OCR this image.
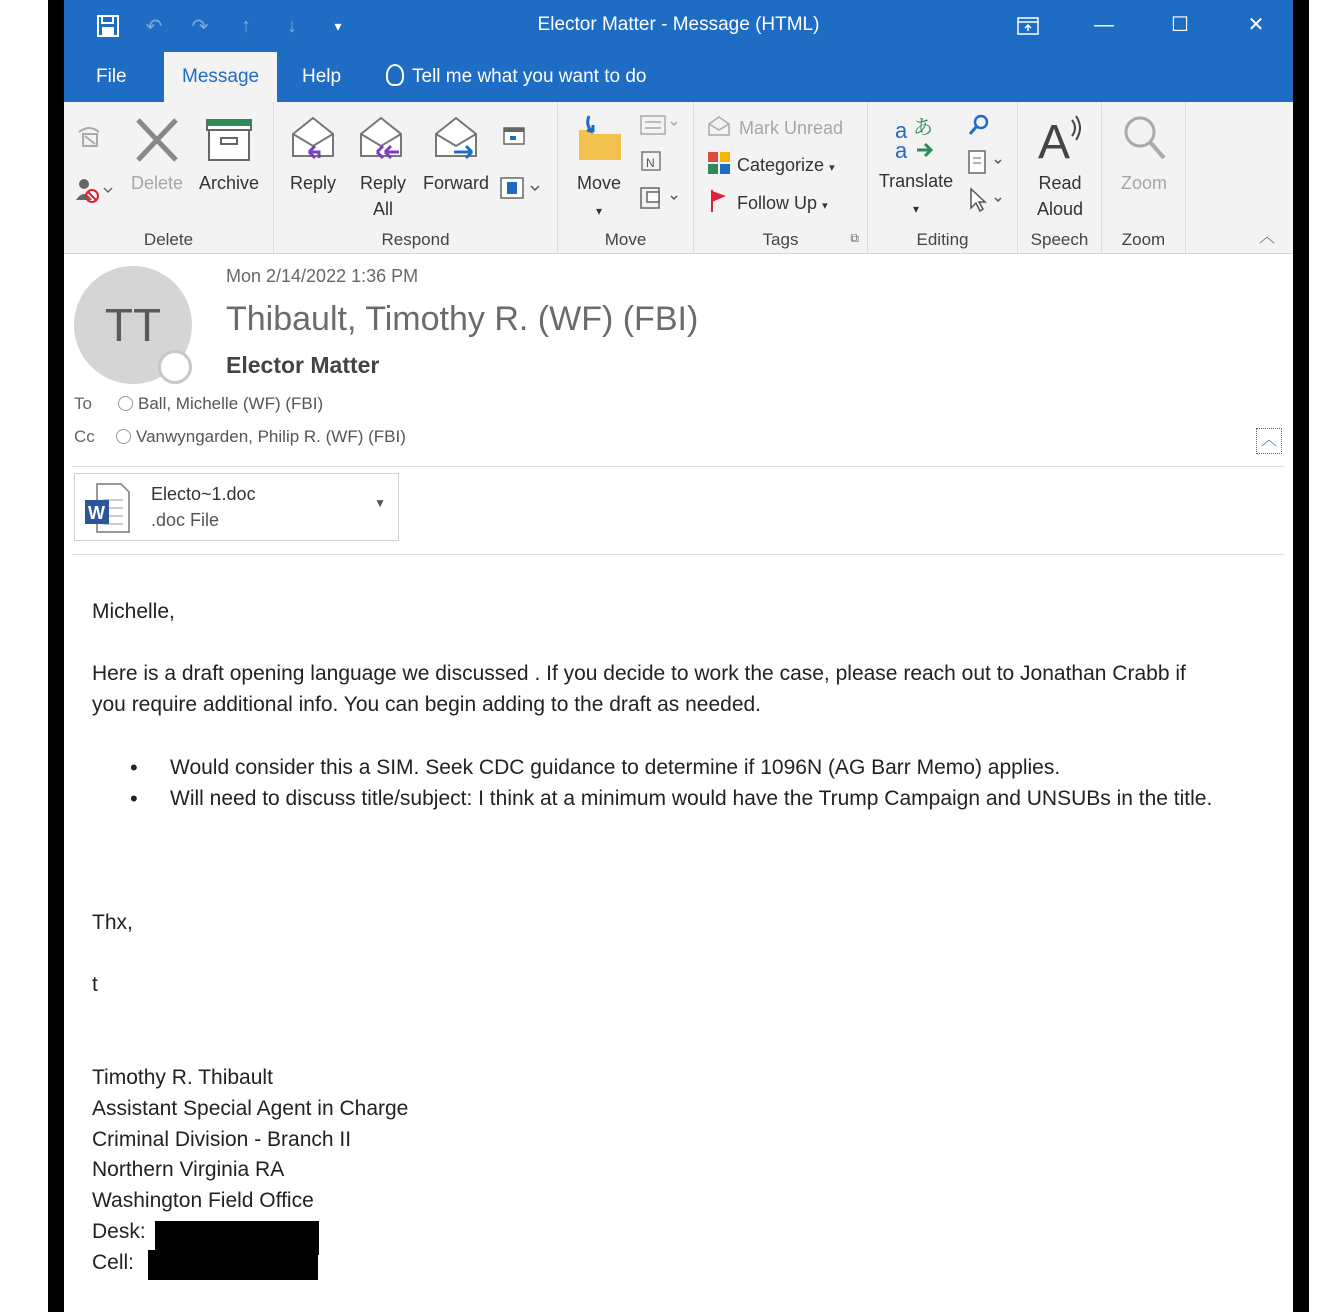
↶ ↷	↑	↓	▾	Elector Matter - Message (HTML)	—	☐	✕
File	Message	Help	Tell me what you want to do
Delete Archive
Delete
Reply	Reply
All
Forward
Respond
Move
▾
N
Move
Mark Unread
Categorize ▾
Follow Up ▾
⧉
Tags
a あ
a
Translate
▾
Editing
A
Read
Aloud
Speech
Zoom
Zoom	︿
TT
Mon 2/14/2022 1:36 PM
Thibault, Timothy R. (WF) (FBI)
Elector Matter
To	Ball, Michelle (WF) (FBI)
Cc	Vanwyngarden, Philip R. (WF) (FBI)	︿
W
Electo~1.doc
.doc File
▼
Michelle,
Here is a draft opening language we discussed . If you decide to work the case, please reach out to Jonathan Crabb if
you require additional info. You can begin adding to the draft as needed.
• Would consider this a SIM. Seek CDC guidance to determine if 1096N (AG Barr Memo) applies.
• Will need to discuss title/subject: I think at a minimum would have the Trump Campaign and UNSUBs in the title.
Thx,
t
Timothy R. Thibault
Assistant Special Agent in Charge
Criminal Division - Branch II
Northern Virginia RA
Washington Field Office
Desk:
Cell:
